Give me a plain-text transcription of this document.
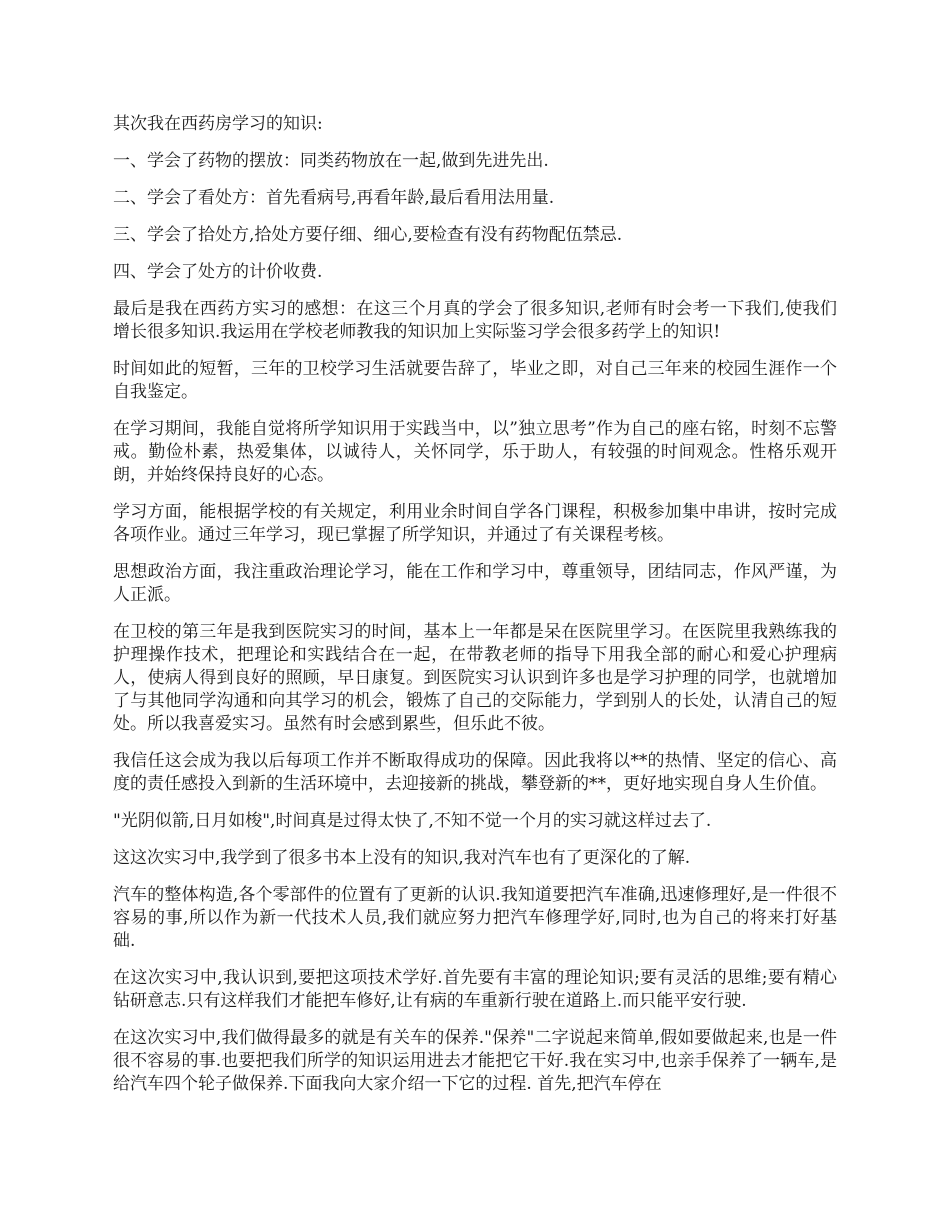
其次我在西药房学习的知识:

一、学会了药物的摆放：同类药物放在一起,做到先进先出.

二、学会了看处方：首先看病号,再看年龄,最后看用法用量.

三、学会了拾处方,拾处方要仔细、细心,要检查有没有药物配伍禁忌.

四、学会了处方的计价收费.

最后是我在西药方实习的感想：在这三个月真的学会了很多知识,老师有时会考一下我们,使我们增长很多知识.我运用在学校老师教我的知识加上实际鉴习学会很多药学上的知识!

时间如此的短暂，三年的卫校学习生活就要告辞了，毕业之即，对自己三年来的校园生涯作一个自我鉴定。

在学习期间，我能自觉将所学知识用于实践当中，以”独立思考”作为自己的座右铭，时刻不忘警戒。勤俭朴素，热爱集体，以诚待人，关怀同学，乐于助人，有较强的时间观念。性格乐观开朗，并始终保持良好的心态。

学习方面，能根据学校的有关规定，利用业余时间自学各门课程，积极参加集中串讲，按时完成各项作业。通过三年学习，现已掌握了所学知识，并通过了有关课程考核。

思想政治方面，我注重政治理论学习，能在工作和学习中，尊重领导，团结同志，作风严谨，为人正派。

在卫校的第三年是我到医院实习的时间，基本上一年都是呆在医院里学习。在医院里我熟练我的护理操作技术，把理论和实践结合在一起，在带教老师的指导下用我全部的耐心和爱心护理病人，使病人得到良好的照顾，早日康复。到医院实习认识到许多也是学习护理的同学，也就增加了与其他同学沟通和向其学习的机会，锻炼了自己的交际能力，学到别人的长处，认清自己的短处。所以我喜爱实习。虽然有时会感到累些，但乐此不彼。

我信任这会成为我以后每项工作并不断取得成功的保障。因此我将以**的热情、坚定的信心、高度的责任感投入到新的生活环境中，去迎接新的挑战，攀登新的**，更好地实现自身人生价值。

"光阴似箭,日月如梭",时间真是过得太快了,不知不觉一个月的实习就这样过去了.

这这次实习中,我学到了很多书本上没有的知识,我对汽车也有了更深化的了解.

汽车的整体构造,各个零部件的位置有了更新的认识.我知道要把汽车准确,迅速修理好,是一件很不容易的事,所以作为新一代技术人员,我们就应努力把汽车修理学好,同时,也为自己的将来打好基础.

在这次实习中,我认识到,要把这项技术学好.首先要有丰富的理论知识;要有灵活的思维;要有精心钻研意志.只有这样我们才能把车修好,让有病的车重新行驶在道路上.而只能平安行驶.

在这次实习中,我们做得最多的就是有关车的保养."保养"二字说起来简单,假如要做起来,也是一件很不容易的事.也要把我们所学的知识运用进去才能把它干好.我在实习中,也亲手保养了一辆车,是给汽车四个轮子做保养.下面我向大家介绍一下它的过程. 首先,把汽车停在
